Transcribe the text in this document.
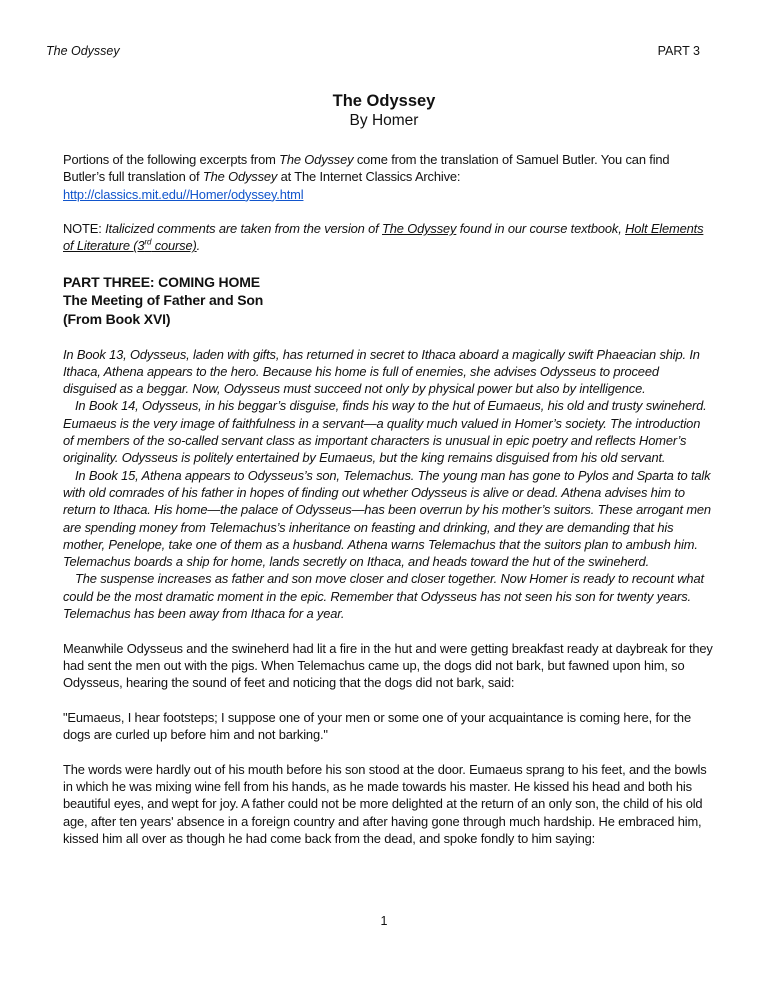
The Odyssey	PART 3
The Odyssey
By Homer

Portions of the following excerpts from The Odyssey come from the translation of Samuel Butler. You can find Butler’s full translation of The Odyssey at The Internet Classics Archive:
http://classics.mit.edu//Homer/odyssey.html

NOTE: Italicized comments are taken from the version of The Odyssey found in our course textbook, Holt Elements of Literature (3rd course).

PART THREE: COMING HOME
The Meeting of Father and Son
(From Book XVI)

In Book 13, Odysseus, laden with gifts, has returned in secret to Ithaca aboard a magically swift Phaeacian ship. In Ithaca, Athena appears to the hero. Because his home is full of enemies, she advises Odysseus to proceed disguised as a beggar. Now, Odysseus must succeed not only by physical power but also by intelligence.

In Book 14, Odysseus, in his beggar’s disguise, finds his way to the hut of Eumaeus, his old and trusty swineherd. Eumaeus is the very image of faithfulness in a servant—a quality much valued in Homer’s society. The introduction of members of the so-called servant class as important characters is unusual in epic poetry and reflects Homer’s originality. Odysseus is politely entertained by Eumaeus, but the king remains disguised from his old servant.

In Book 15, Athena appears to Odysseus’s son, Telemachus. The young man has gone to Pylos and Sparta to talk with old comrades of his father in hopes of finding out whether Odysseus is alive or dead. Athena advises him to return to Ithaca. His home—the palace of Odysseus—has been overrun by his mother’s suitors. These arrogant men are spending money from Telemachus’s inheritance on feasting and drinking, and they are demanding that his mother, Penelope, take one of them as a husband. Athena warns Telemachus that the suitors plan to ambush him. Telemachus boards a ship for home, lands secretly on Ithaca, and heads toward the hut of the swineherd.

The suspense increases as father and son move closer and closer together. Now Homer is ready to recount what could be the most dramatic moment in the epic. Remember that Odysseus has not seen his son for twenty years. Telemachus has been away from Ithaca for a year.

Meanwhile Odysseus and the swineherd had lit a fire in the hut and were getting breakfast ready at daybreak for they had sent the men out with the pigs. When Telemachus came up, the dogs did not bark, but fawned upon him, so Odysseus, hearing the sound of feet and noticing that the dogs did not bark, said:

"Eumaeus, I hear footsteps; I suppose one of your men or some one of your acquaintance is coming here, for the dogs are curled up before him and not barking."

The words were hardly out of his mouth before his son stood at the door. Eumaeus sprang to his feet, and the bowls in which he was mixing wine fell from his hands, as he made towards his master. He kissed his head and both his beautiful eyes, and wept for joy. A father could not be more delighted at the return of an only son, the child of his old age, after ten years' absence in a foreign country and after having gone through much hardship. He embraced him, kissed him all over as though he had come back from the dead, and spoke fondly to him saying:

1
